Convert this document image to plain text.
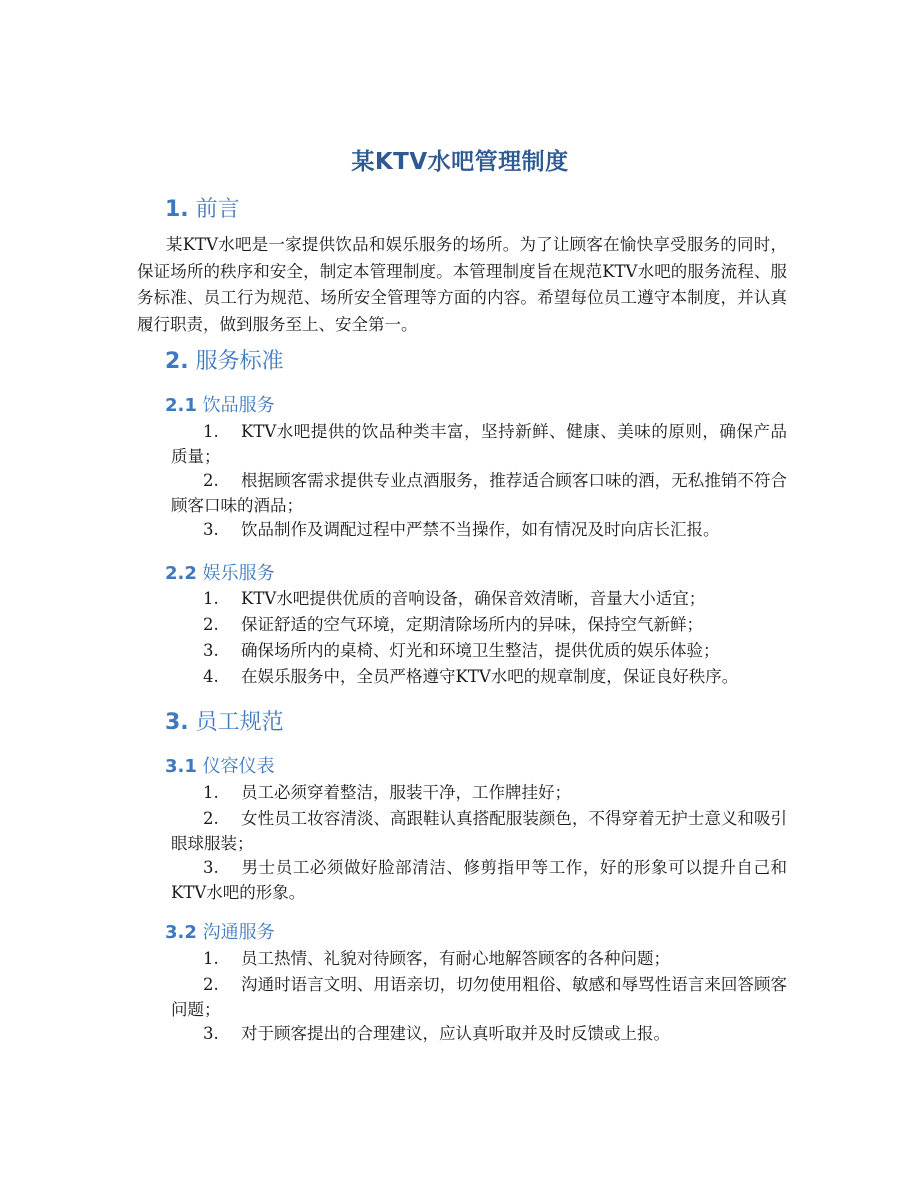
某KTV水吧管理制度
1. 前言

某KTV水吧是一家提供饮品和娱乐服务的场所。为了让顾客在愉快享受服务的同时，保证场所的秩序和安全，制定本管理制度。本管理制度旨在规范KTV水吧的服务流程、服务标准、员工行为规范、场所安全管理等方面的内容。希望每位员工遵守本制度，并认真履行职责，做到服务至上、安全第一。

2. 服务标准
2.1 饮品服务

1. KTV水吧提供的饮品种类丰富，坚持新鲜、健康、美味的原则，确保产品质量；

2. 根据顾客需求提供专业点酒服务，推荐适合顾客口味的酒，无私推销不符合顾客口味的酒品；

3. 饮品制作及调配过程中严禁不当操作，如有情况及时向店长汇报。

2.2 娱乐服务

1. KTV水吧提供优质的音响设备，确保音效清晰，音量大小适宜；

2. 保证舒适的空气环境，定期清除场所内的异味，保持空气新鲜；

3. 确保场所内的桌椅、灯光和环境卫生整洁，提供优质的娱乐体验；

4. 在娱乐服务中，全员严格遵守KTV水吧的规章制度，保证良好秩序。

3. 员工规范
3.1 仪容仪表

1. 员工必须穿着整洁，服装干净，工作牌挂好；

2. 女性员工妆容清淡、高跟鞋认真搭配服装颜色，不得穿着无护士意义和吸引眼球服装；

3. 男士员工必须做好脸部清洁、修剪指甲等工作，好的形象可以提升自己和KTV水吧的形象。

3.2 沟通服务

1. 员工热情、礼貌对待顾客，有耐心地解答顾客的各种问题；

2. 沟通时语言文明、用语亲切，切勿使用粗俗、敏感和辱骂性语言来回答顾客问题；

3. 对于顾客提出的合理建议，应认真听取并及时反馈或上报。
